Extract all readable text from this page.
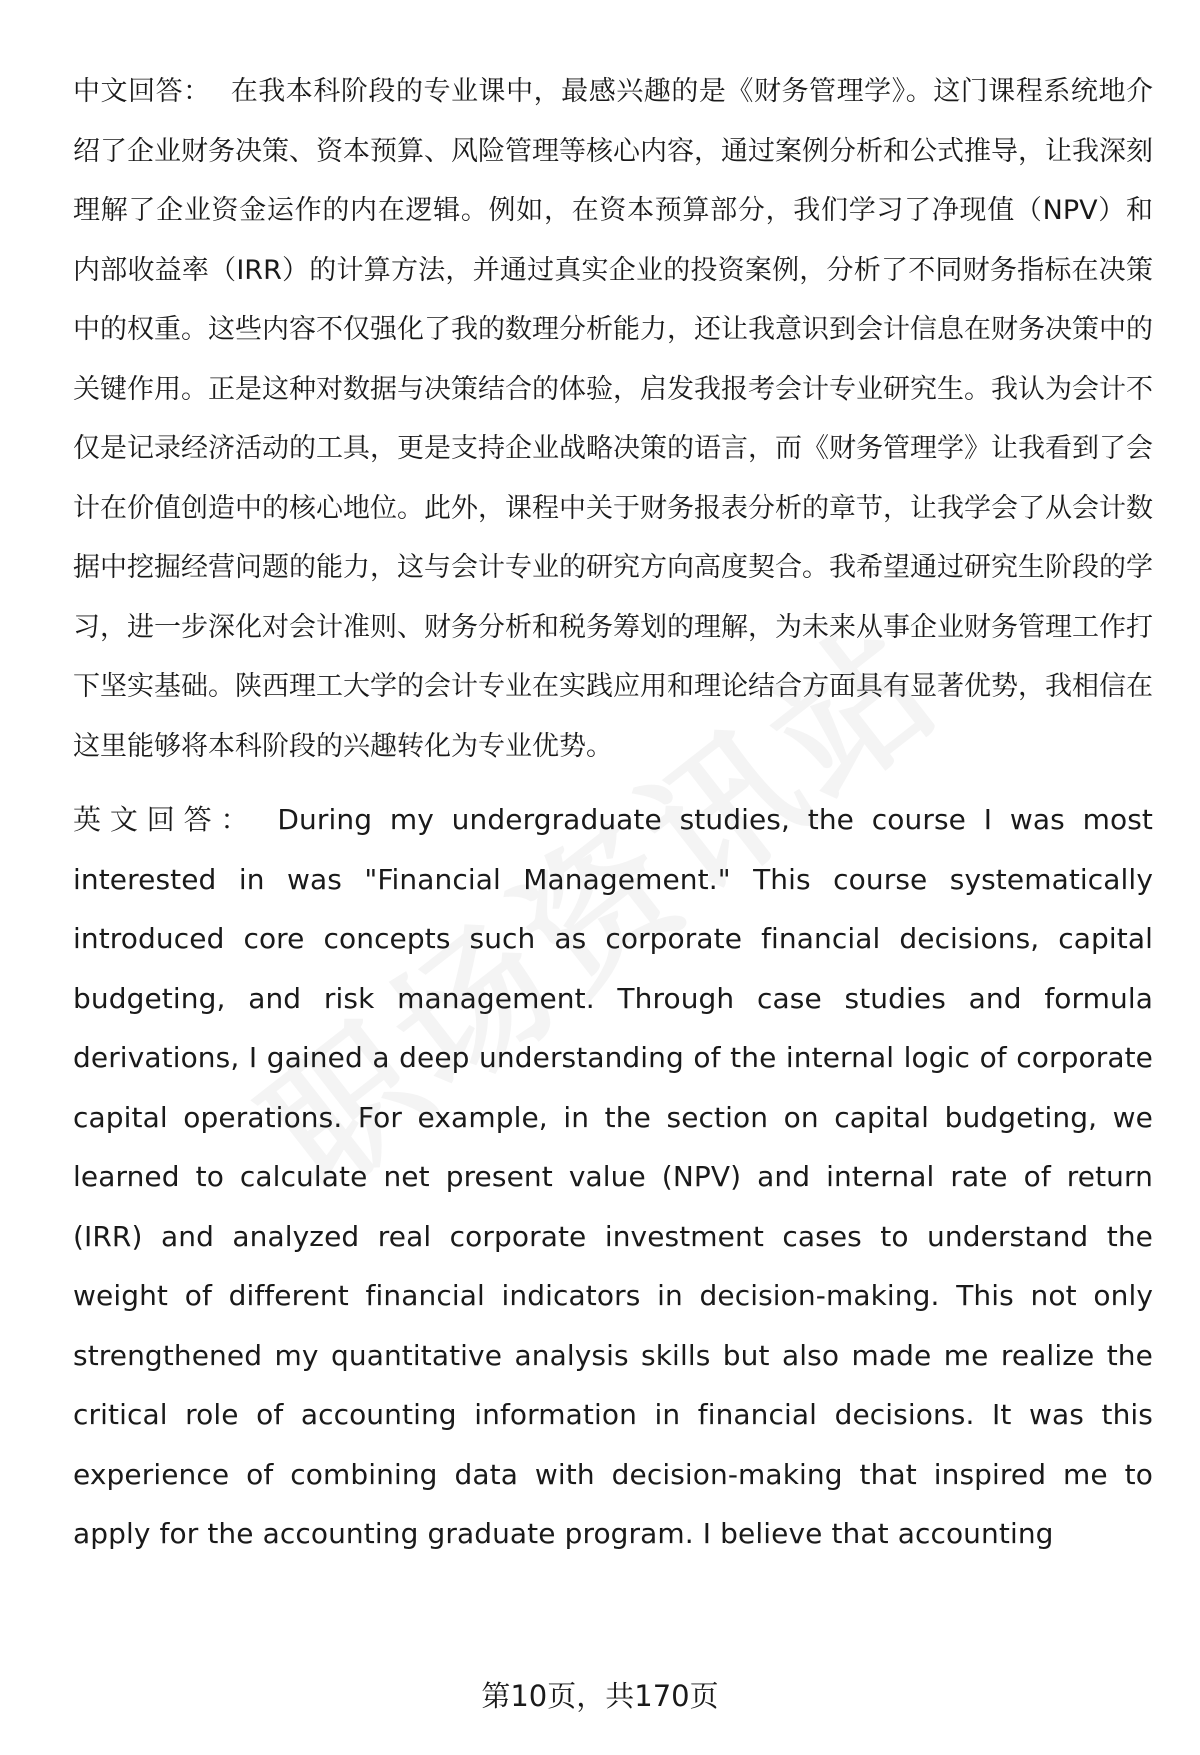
中文回答： 在我本科阶段的专业课中，最感兴趣的是《财务管理学》。这门课程系统地介绍了企业财务决策、资本预算、风险管理等核心内容，通过案例分析和公式推导，让我深刻理解了企业资金运作的内在逻辑。例如，在资本预算部分，我们学习了净现值（NPV）和内部收益率（IRR）的计算方法，并通过真实企业的投资案例，分析了不同财务指标在决策中的权重。这些内容不仅强化了我的数理分析能力，还让我意识到会计信息在财务决策中的关键作用。正是这种对数据与决策结合的体验，启发我报考会计专业研究生。我认为会计不仅是记录经济活动的工具，更是支持企业战略决策的语言，而《财务管理学》让我看到了会计在价值创造中的核心地位。此外，课程中关于财务报表分析的章节，让我学会了从会计数据中挖掘经营问题的能力，这与会计专业的研究方向高度契合。我希望通过研究生阶段的学习，进一步深化对会计准则、财务分析和税务筹划的理解，为未来从事企业财务管理工作打下坚实基础。陕西理工大学的会计专业在实践应用和理论结合方面具有显著优势，我相信在这里能够将本科阶段的兴趣转化为专业优势。

英文回答： During my undergraduate studies, the course I was most interested in was "Financial Management." This course systematically introduced core concepts such as corporate financial decisions, capital budgeting, and risk management. Through case studies and formula derivations, I gained a deep understanding of the internal logic of corporate capital operations. For example, in the section on capital budgeting, we learned to calculate net present value (NPV) and internal rate of return (IRR) and analyzed real corporate investment cases to understand the weight of different financial indicators in decision-making. This not only strengthened my quantitative analysis skills but also made me realize the critical role of accounting information in financial decisions. It was this experience of combining data with decision-making that inspired me to apply for the accounting graduate program. I believe that accounting

第10页，共170页
